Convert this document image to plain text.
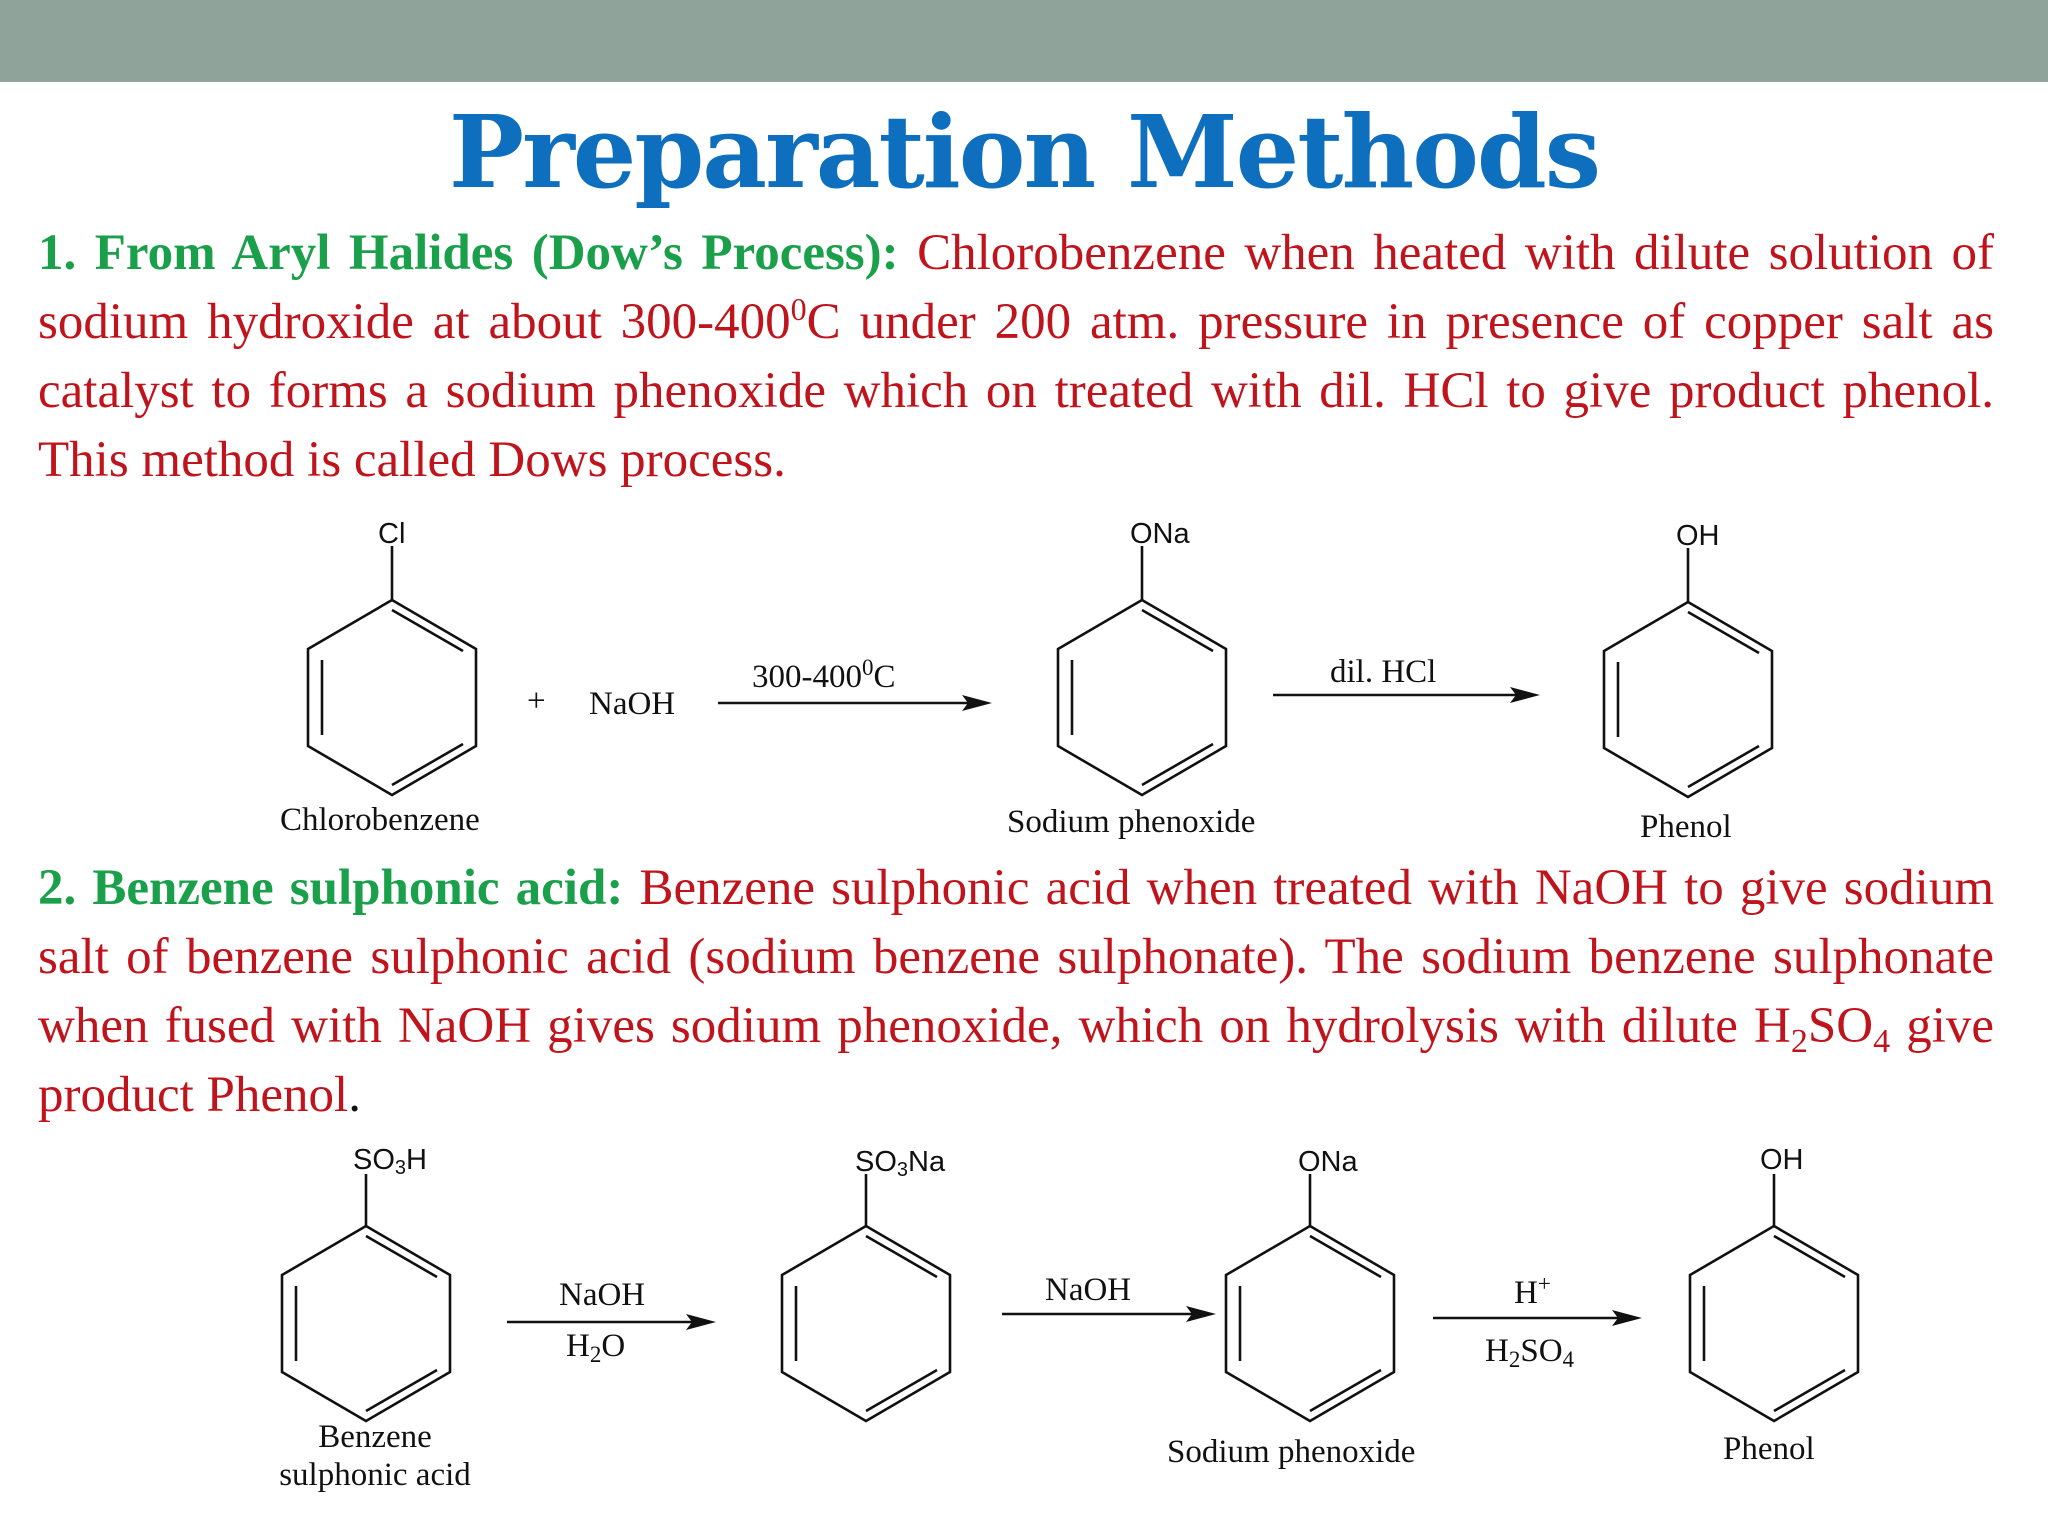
Preparation Methods
1. From Aryl Halides (Dow’s Process): Chlorobenzene when heated with dilute solution of sodium hydroxide at about $300-400^0C$ under 200 atm. pressure in presence of copper salt as catalyst to forms a sodium phenoxide which on treated with dil. HCl to give product phenol. This method is called Dows process.
Cl	ONa	OH
+ NaOH
$300-400^0C$	dil. HCl
Chlorobenzene	Sodium phenoxide	Phenol
2. Benzene sulphonic acid: Benzene sulphonic acid when treated with NaOH to give sodium salt of benzene sulphonic acid (sodium benzene sulphonate). The sodium benzene sulphonate when fused with NaOH gives sodium phenoxide, which on hydrolysis with dilute $H_2SO_4$ give product Phenol.
$SO_3H$	$SO_3Na$	ONa	OH
NaOH
$H_2O$
NaOH	H+
$H_2SO_4$
Benzene
sulphonic acid
Sodium phenoxide	Phenol
